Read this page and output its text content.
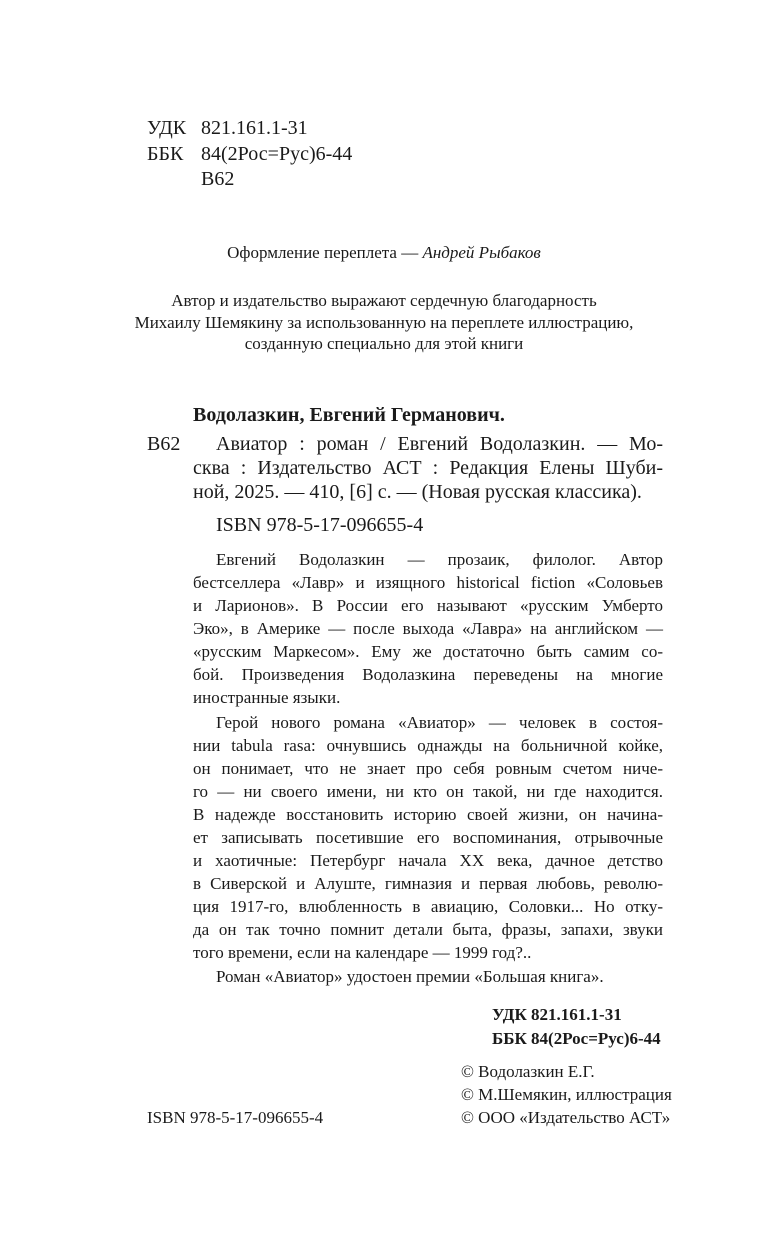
УДК 821.161.1-31
ББК 84(2Рос=Рус)6-44
В62
Оформление переплета — Андрей Рыбаков
Автор и издательство выражают сердечную благодарность
Михаилу Шемякину за использованную на переплете иллюстрацию,
созданную специально для этой книги
Водолазкин, Евгений Германович.
В62 Авиатор : роман / Евгений Водолазкин. — Мо-
сква : Издательство АСТ : Редакция Елены Шуби-
ной, 2025. — 410, [6] с. — (Новая русская классика).
ISBN 978-5-17-096655-4
Евгений Водолазкин — прозаик, филолог. Автор
бестселлера «Лавр» и изящного historical fiction «Соловьев
и Ларионов». В России его называют «русским Умберто
Эко», в Америке — после выхода «Лавра» на английском —
«русским Маркесом». Ему же достаточно быть самим со-
бой. Произведения Водолазкина переведены на многие
иностранные языки.
Герой нового романа «Авиатор» — человек в состоя-
нии tabula rasa: очнувшись однажды на больничной койке,
он понимает, что не знает про себя ровным счетом ниче-
го — ни своего имени, ни кто он такой, ни где находится.
В надежде восстановить историю своей жизни, он начина-
ет записывать посетившие его воспоминания, отрывочные
и хаотичные: Петербург начала XX века, дачное детство
в Сиверской и Алуште, гимназия и первая любовь, револю-
ция 1917-го, влюбленность в авиацию, Соловки... Но отку-
да он так точно помнит детали быта, фразы, запахи, звуки
того времени, если на календаре — 1999 год?..
Роман «Авиатор» удостоен премии «Большая книга».
УДК 821.161.1-31
ББК 84(2Рос=Рус)6-44
ISBN 978-5-17-096655-4
© Водолазкин Е.Г.
© М.Шемякин, иллюстрация
© ООО «Издательство АСТ»
